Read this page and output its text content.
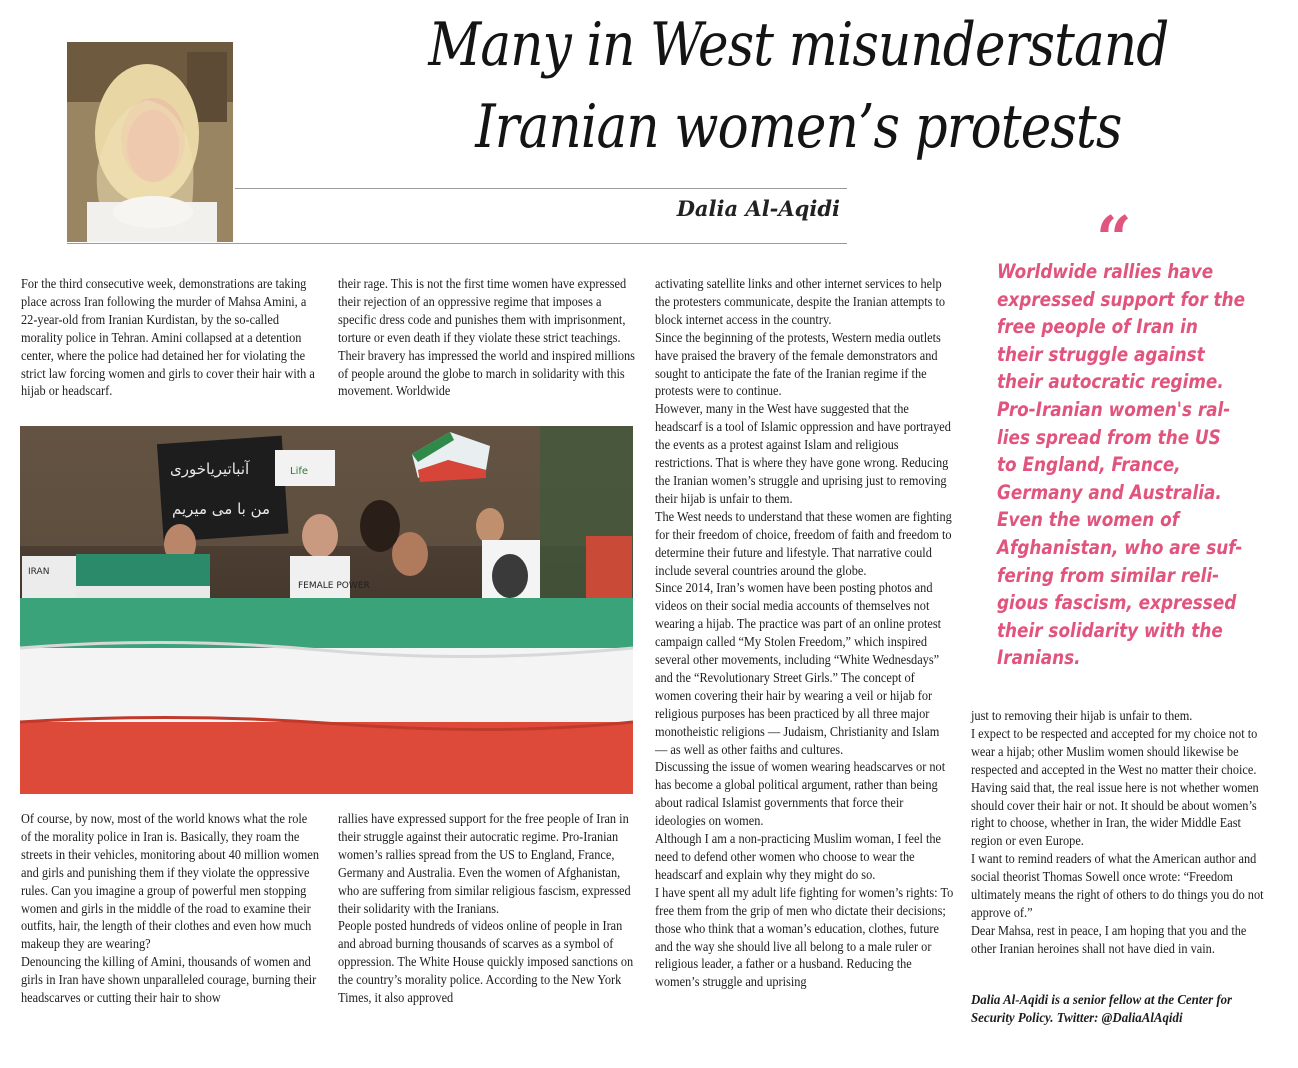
Many in West misunderstand
Iranian women’s protests
Dalia Al-Aqidi

For the third consecutive week, demonstrations are taking place across Iran following the murder of Mahsa Amini, a 22-year-old from Iranian Kurdistan, by the so-called morality police in Tehran. Amini collapsed at a detention center, where the police had detained her for violating the strict law forcing women and girls to cover their hair with a hijab or headscarf.

their rage. This is not the first time women have expressed their rejection of an oppressive regime that imposes a specific dress code and punishes them with imprisonment, torture or even death if they violate these strict teachings. Their bravery has impressed the world and inspired millions of people around the globe to march in solidarity with this movement. Worldwide

آنباتیریاخوری
من با می میریم
Life
FEMALE POWER
IRAN

Of course, by now, most of the world knows what the role of the morality police in Iran is. Basically, they roam the streets in their vehicles, monitoring about 40 million women and girls and punishing them if they violate the oppressive rules. Can you imagine a group of powerful men stopping women and girls in the middle of the road to examine their outfits, hair, the length of their clothes and even how much makeup they are wearing?

Denouncing the killing of Amini, thousands of women and girls in Iran have shown unparalleled courage, burning their headscarves or cutting their hair to show

rallies have expressed support for the free people of Iran in their struggle against their autocratic regime. Pro-Iranian women’s rallies spread from the US to England, France, Germany and Australia. Even the women of Afghanistan, who are suffering from similar religious fascism, expressed their solidarity with the Iranians.

People posted hundreds of videos online of people in Iran and abroad burning thousands of scarves as a symbol of oppression. The White House quickly imposed sanctions on the country’s morality police. According to the New York Times, it also approved

activating satellite links and other internet services to help the protesters communicate, despite the Iranian attempts to block internet access in the country.

Since the beginning of the protests, Western media outlets have praised the bravery of the female demonstrators and sought to anticipate the fate of the Iranian regime if the protests were to continue.

However, many in the West have suggested that the headscarf is a tool of Islamic oppression and have portrayed the events as a protest against Islam and religious restrictions. That is where they have gone wrong. Reducing the Iranian women’s struggle and uprising just to removing their hijab is unfair to them.

The West needs to understand that these women are fighting for their freedom of choice, freedom of faith and freedom to determine their future and lifestyle. That narrative could include several countries around the globe.

Since 2014, Iran’s women have been posting photos and videos on their social media accounts of themselves not wearing a hijab. The practice was part of an online protest campaign called “My Stolen Freedom,” which inspired several other movements, including “White Wednesdays” and the “Revolutionary Street Girls.” The concept of women covering their hair by wearing a veil or hijab for religious purposes has been practiced by all three major monotheistic religions — Judaism, Christianity and Islam — as well as other faiths and cultures.

Discussing the issue of women wearing headscarves or not has become a global political argument, rather than being about radical Islamist governments that force their ideologies on women.

Although I am a non-practicing Muslim woman, I feel the need to defend other women who choose to wear the headscarf and explain why they might do so.

I have spent all my adult life fighting for women’s rights: To free them from the grip of men who dictate their decisions; those who think that a woman’s education, clothes, future and the way she should live all belong to a male ruler or religious leader, a father or a husband. Reducing the women’s struggle and uprising

“
Worldwide rallies have
expressed support for the
free people of Iran in
their struggle against
their autocratic regime.
Pro-Iranian women's ral-
lies spread from the US
to England, France,
Germany and Australia.
Even the women of
Afghanistan, who are suf-
fering from similar reli-
gious fascism, expressed
their solidarity with the
Iranians.

just to removing their hijab is unfair to them.

I expect to be respected and accepted for my choice not to wear a hijab; other Muslim women should likewise be respected and accepted in the West no matter their choice.

Having said that, the real issue here is not whether women should cover their hair or not. It should be about women’s right to choose, whether in Iran, the wider Middle East region or even Europe.

I want to remind readers of what the American author and social theorist Thomas Sowell once wrote: “Freedom ultimately means the right of others to do things you do not approve of.”

Dear Mahsa, rest in peace, I am hoping that you and the other Iranian heroines shall not have died in vain.

Dalia Al-Aqidi is a senior fellow at the Center for Security Policy. Twitter: @DaliaAlAqidi
